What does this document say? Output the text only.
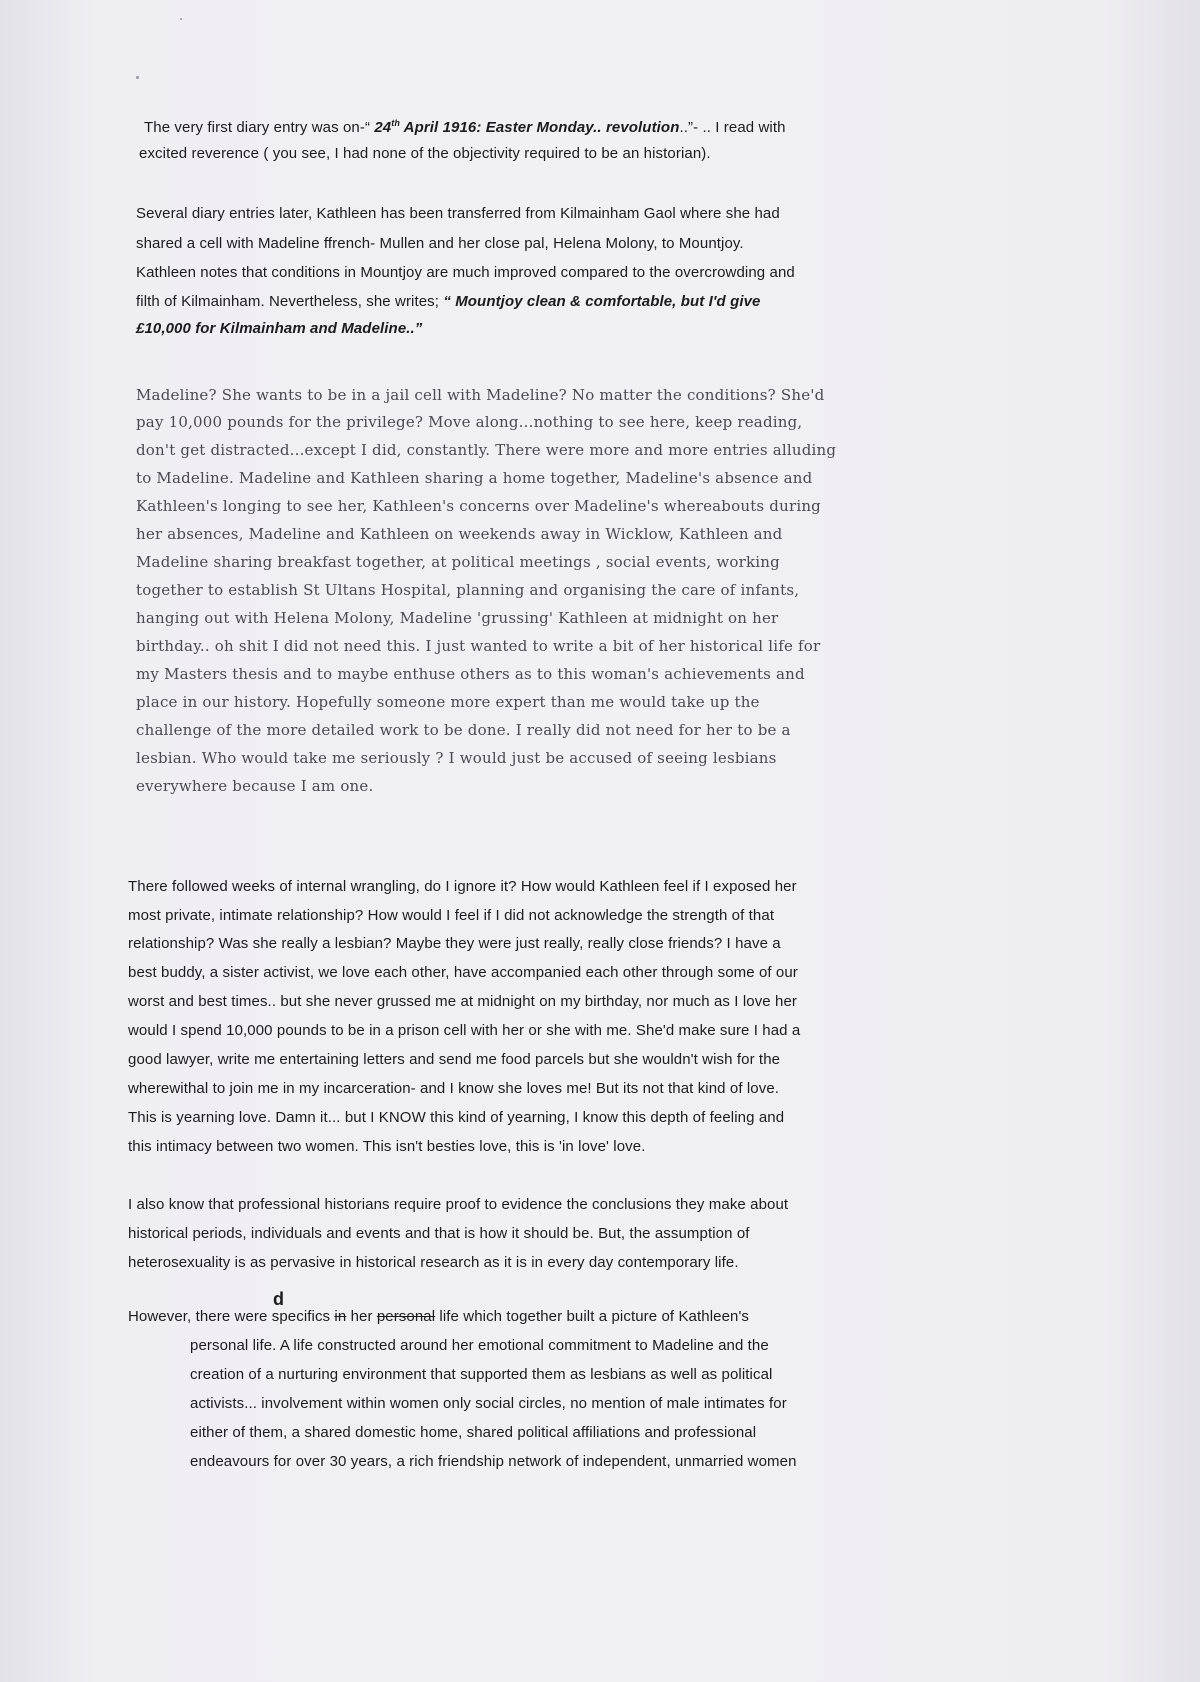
The very first diary entry was on-“ 24th April 1916: Easter Monday.. revolution..”- .. I read with
excited reverence ( you see, I had none of the objectivity required to be an historian).
Several diary entries later, Kathleen has been transferred from Kilmainham Gaol where she had
shared a cell with Madeline ffrench- Mullen and her close pal, Helena Molony, to Mountjoy.
Kathleen notes that conditions in Mountjoy are much improved compared to the overcrowding and
filth of Kilmainham. Nevertheless, she writes; “ Mountjoy clean & comfortable, but I'd give
£10,000 for Kilmainham and Madeline..”
Madeline? She wants to be in a jail cell with Madeline? No matter the conditions? She'd
pay 10,000 pounds for the privilege? Move along...nothing to see here, keep reading,
don't get distracted...except I did, constantly. There were more and more entries alluding
to Madeline. Madeline and Kathleen sharing a home together, Madeline's absence and
Kathleen's longing to see her, Kathleen's concerns over Madeline's whereabouts during
her absences, Madeline and Kathleen on weekends away in Wicklow, Kathleen and
Madeline sharing breakfast together, at political meetings , social events, working
together to establish St Ultans Hospital, planning and organising the care of infants,
hanging out with Helena Molony, Madeline 'grussing' Kathleen at midnight on her
birthday.. oh shit I did not need this. I just wanted to write a bit of her historical life for
my Masters thesis and to maybe enthuse others as to this woman's achievements and
place in our history. Hopefully someone more expert than me would take up the
challenge of the more detailed work to be done. I really did not need for her to be a
lesbian. Who would take me seriously ? I would just be accused of seeing lesbians
everywhere because I am one.
There followed weeks of internal wrangling, do I ignore it? How would Kathleen feel if I exposed her
most private, intimate relationship? How would I feel if I did not acknowledge the strength of that
relationship? Was she really a lesbian? Maybe they were just really, really close friends? I have a
best buddy, a sister activist, we love each other, have accompanied each other through some of our
worst and best times.. but she never grussed me at midnight on my birthday, nor much as I love her
would I spend 10,000 pounds to be in a prison cell with her or she with me. She'd make sure I had a
good lawyer, write me entertaining letters and send me food parcels but she wouldn't wish for the
wherewithal to join me in my incarceration- and I know she loves me! But its not that kind of love.
This is yearning love. Damn it... but I KNOW this kind of yearning, I know this depth of feeling and
this intimacy between two women. This isn't besties love, this is 'in love' love.
I also know that professional historians require proof to evidence the conclusions they make about
historical periods, individuals and events and that is how it should be. But, the assumption of
heterosexuality is as pervasive in historical research as it is in every day contemporary life.
d
However, there were specifics in her personal life which together built a picture of Kathleen's
personal life. A life constructed around her emotional commitment to Madeline and the
creation of a nurturing environment that supported them as lesbians as well as political
activists... involvement within women only social circles, no mention of male intimates for
either of them, a shared domestic home, shared political affiliations and professional
endeavours for over 30 years, a rich friendship network of independent, unmarried women
